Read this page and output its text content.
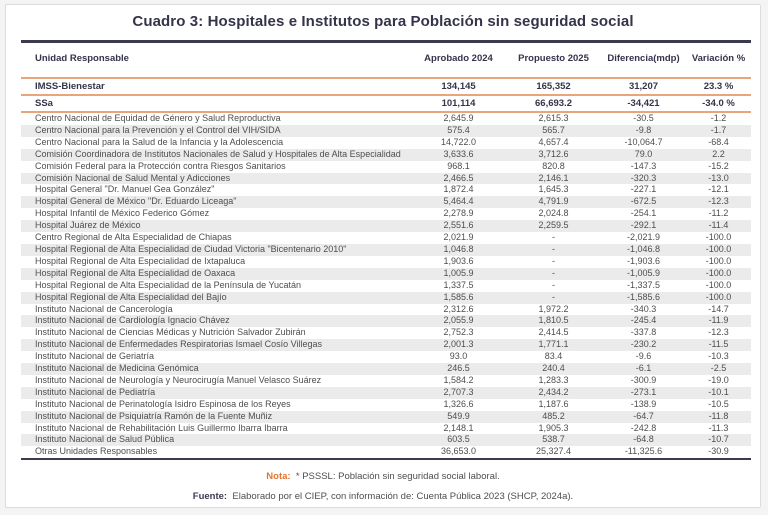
Cuadro 3: Hospitales e Institutos para Población sin seguridad social
Unidad Responsable	Aprobado 2024	Propuesto 2025	Diferencia(mdp)	Variación %
IMSS-Bienestar	134,145	165,352	31,207	23.3 %
SSa	101,114	66,693.2	-34,421	-34.0 %
Centro Nacional de Equidad de Género y Salud Reproductiva	2,645.9	2,615.3	-30.5	-1.2
Centro Nacional para la Prevención y el Control del VIH/SIDA	575.4	565.7	-9.8	-1.7
Centro Nacional para la Salud de la Infancia y la Adolescencia	14,722.0	4,657.4	-10,064.7	-68.4
Comisión Coordinadora de Institutos Nacionales de Salud y Hospitales de Alta Especialidad	3,633.6	3,712.6	79.0	2.2
Comisión Federal para la Protección contra Riesgos Sanitarios	968.1	820.8	-147.3	-15.2
Comisión Nacional de Salud Mental y Adicciones	2,466.5	2,146.1	-320.3	-13.0
Hospital General "Dr. Manuel Gea González"	1,872.4	1,645.3	-227.1	-12.1
Hospital General de México "Dr. Eduardo Liceaga"	5,464.4	4,791.9	-672.5	-12.3
Hospital Infantil de México Federico Gómez	2,278.9	2,024.8	-254.1	-11.2
Hospital Juárez de México	2,551.6	2,259.5	-292.1	-11.4
Centro Regional de Alta Especialidad de Chiapas	2,021.9	-	-2,021.9	-100.0
Hospital Regional de Alta Especialidad de Ciudad Victoria "Bicentenario 2010"	1,046.8	-	-1,046.8	-100.0
Hospital Regional de Alta Especialidad de Ixtapaluca	1,903.6	-	-1,903.6	-100.0
Hospital Regional de Alta Especialidad de Oaxaca	1,005.9	-	-1,005.9	-100.0
Hospital Regional de Alta Especialidad de la Península de Yucatán	1,337.5	-	-1,337.5	-100.0
Hospital Regional de Alta Especialidad del Bajío	1,585.6	-	-1,585.6	-100.0
Instituto Nacional de Cancerología	2,312.6	1,972.2	-340.3	-14.7
Instituto Nacional de Cardiología Ignacio Chávez	2,055.9	1,810.5	-245.4	-11.9
Instituto Nacional de Ciencias Médicas y Nutrición Salvador Zubirán	2,752.3	2,414.5	-337.8	-12.3
Instituto Nacional de Enfermedades Respiratorias Ismael Cosío Villegas	2,001.3	1,771.1	-230.2	-11.5
Instituto Nacional de Geriatría	93.0	83.4	-9.6	-10.3
Instituto Nacional de Medicina Genómica	246.5	240.4	-6.1	-2.5
Instituto Nacional de Neurología y Neurocirugía Manuel Velasco Suárez	1,584.2	1,283.3	-300.9	-19.0
Instituto Nacional de Pediatría	2,707.3	2,434.2	-273.1	-10.1
Instituto Nacional de Perinatología Isidro Espinosa de los Reyes	1,326.6	1,187.6	-138.9	-10.5
Instituto Nacional de Psiquiatría Ramón de la Fuente Muñiz	549.9	485.2	-64.7	-11.8
Instituto Nacional de Rehabilitación Luis Guillermo Ibarra Ibarra	2,148.1	1,905.3	-242.8	-11.3
Instituto Nacional de Salud Pública	603.5	538.7	-64.8	-10.7
Otras Unidades Responsables	36,653.0	25,327.4	-11,325.6	-30.9
Nota: * PSSSL: Población sin seguridad social laboral.
Fuente: Elaborado por el CIEP, con información de: Cuenta Pública 2023 (SHCP, 2024a).
